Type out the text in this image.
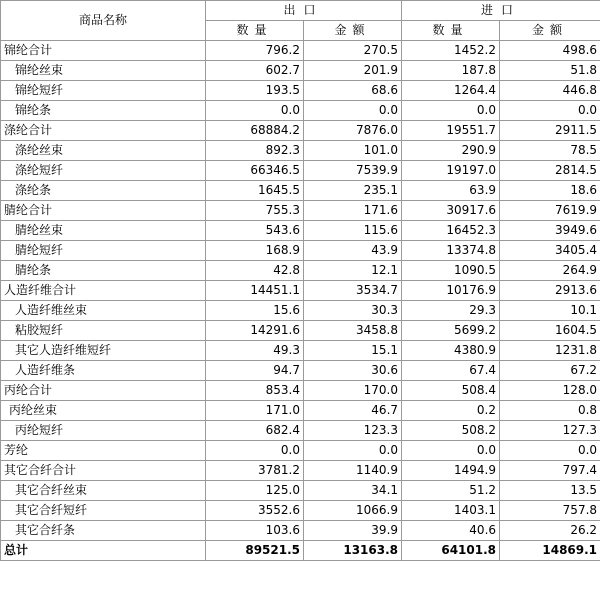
商品名称	出口		进口	
	数量	金额	数量	金额
锦纶合计	796.2	270.5	1452.2	498.6
锦纶丝束	602.7	201.9	187.8	51.8
锦纶短纤	193.5	68.6	1264.4	446.8
锦纶条	0.0	0.0	0.0	0.0
涤纶合计	68884.2	7876.0	19551.7	2911.5
涤纶丝束	892.3	101.0	290.9	78.5
涤纶短纤	66346.5	7539.9	19197.0	2814.5
涤纶条	1645.5	235.1	63.9	18.6
腈纶合计	755.3	171.6	30917.6	7619.9
腈纶丝束	543.6	115.6	16452.3	3949.6
腈纶短纤	168.9	43.9	13374.8	3405.4
腈纶条	42.8	12.1	1090.5	264.9
人造纤维合计	14451.1	3534.7	10176.9	2913.6
人造纤维丝束	15.6	30.3	29.3	10.1
粘胶短纤	14291.6	3458.8	5699.2	1604.5
其它人造纤维短纤	49.3	15.1	4380.9	1231.8
人造纤维条	94.7	30.6	67.4	67.2
丙纶合计	853.4	170.0	508.4	128.0
丙纶丝束	171.0	46.7	0.2	0.8
丙纶短纤	682.4	123.3	508.2	127.3
芳纶	0.0	0.0	0.0	0.0
其它合纤合计	3781.2	1140.9	1494.9	797.4
其它合纤丝束	125.0	34.1	51.2	13.5
其它合纤短纤	3552.6	1066.9	1403.1	757.8
其它合纤条	103.6	39.9	40.6	26.2
总计	89521.5	13163.8	64101.8	14869.1
